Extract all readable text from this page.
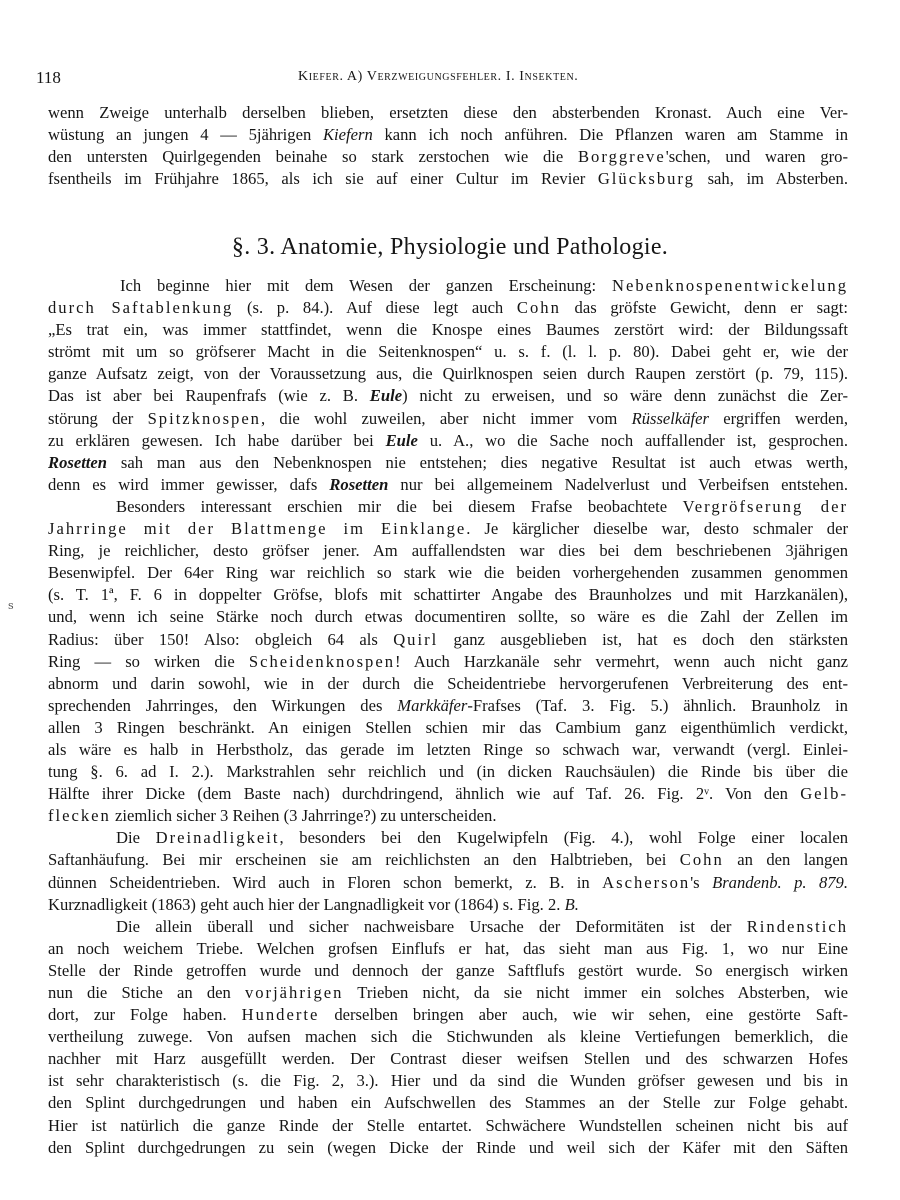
118	Kiefer. A) Verzweigungsfehler. I. Insekten.
wenn Zweige unterhalb derselben blieben, ersetzten diese den absterbenden Kronast. Auch eine Ver-
wüstung an jungen 4 — 5jährigen Kiefern kann ich noch anführen. Die Pflanzen waren am Stamme in
den untersten Quirlgegenden beinahe so stark zerstochen wie die Borggreve'schen, und waren gro-
fsentheils im Frühjahre 1865, als ich sie auf einer Cultur im Revier Glücksburg sah, im Absterben.
§. 3. Anatomie, Physiologie und Pathologie.
s
Ich beginne hier mit dem Wesen der ganzen Erscheinung: Nebenknospenentwickelung
durch Saftablenkung (s. p. 84.). Auf diese legt auch Cohn das gröfste Gewicht, denn er sagt:
„Es trat ein, was immer stattfindet, wenn die Knospe eines Baumes zerstört wird: der Bildungssaft
strömt mit um so gröfserer Macht in die Seitenknospen“ u. s. f. (l. l. p. 80). Dabei geht er, wie der
ganze Aufsatz zeigt, von der Voraussetzung aus, die Quirlknospen seien durch Raupen zerstört (p. 79, 115).
Das ist aber bei Raupenfrafs (wie z. B. Eule) nicht zu erweisen, und so wäre denn zunächst die Zer-
störung der Spitzknospen, die wohl zuweilen, aber nicht immer vom Rüsselkäfer ergriffen werden,
zu erklären gewesen. Ich habe darüber bei Eule u. A., wo die Sache noch auffallender ist, gesprochen.
Rosetten sah man aus den Nebenknospen nie entstehen; dies negative Resultat ist auch etwas werth,
denn es wird immer gewisser, dafs Rosetten nur bei allgemeinem Nadelverlust und Verbeifsen entstehen.
Besonders interessant erschien mir die bei diesem Frafse beobachtete Vergröfserung der
Jahrringe mit der Blattmenge im Einklange. Je kärglicher dieselbe war, desto schmaler der
Ring, je reichlicher, desto gröfser jener. Am auffallendsten war dies bei dem beschriebenen 3jährigen
Besenwipfel. Der 64er Ring war reichlich so stark wie die beiden vorhergehenden zusammen genommen
(s. T. 1ª, F. 6 in doppelter Gröfse, blofs mit schattirter Angabe des Braunholzes und mit Harzkanälen),
und, wenn ich seine Stärke noch durch etwas documentiren sollte, so wäre es die Zahl der Zellen im
Radius: über 150! Also: obgleich 64 als Quirl ganz ausgeblieben ist, hat es doch den stärksten
Ring — so wirken die Scheidenknospen! Auch Harzkanäle sehr vermehrt, wenn auch nicht ganz
abnorm und darin sowohl, wie in der durch die Scheidentriebe hervorgerufenen Verbreiterung des ent-
sprechenden Jahrringes, den Wirkungen des Markkäfer-Frafses (Taf. 3. Fig. 5.) ähnlich. Braunholz in
allen 3 Ringen beschränkt. An einigen Stellen schien mir das Cambium ganz eigenthümlich verdickt,
als wäre es halb in Herbstholz, das gerade im letzten Ringe so schwach war, verwandt (vergl. Einlei-
tung §. 6. ad I. 2.). Markstrahlen sehr reichlich und (in dicken Rauchsäulen) die Rinde bis über die
Hälfte ihrer Dicke (dem Baste nach) durchdringend, ähnlich wie auf Taf. 26. Fig. 2ᵛ. Von den Gelb-
flecken ziemlich sicher 3 Reihen (3 Jahrringe?) zu unterscheiden.
Die Dreinadligkeit, besonders bei den Kugelwipfeln (Fig. 4.), wohl Folge einer localen
Saftanhäufung. Bei mir erscheinen sie am reichlichsten an den Halbtrieben, bei Cohn an den langen
dünnen Scheidentrieben. Wird auch in Floren schon bemerkt, z. B. in Ascherson's Brandenb. p. 879.
Kurznadligkeit (1863) geht auch hier der Langnadligkeit vor (1864) s. Fig. 2. B.
Die allein überall und sicher nachweisbare Ursache der Deformitäten ist der Rindenstich
an noch weichem Triebe. Welchen grofsen Einflufs er hat, das sieht man aus Fig. 1, wo nur Eine
Stelle der Rinde getroffen wurde und dennoch der ganze Saftflufs gestört wurde. So energisch wirken
nun die Stiche an den vorjährigen Trieben nicht, da sie nicht immer ein solches Absterben, wie
dort, zur Folge haben. Hunderte derselben bringen aber auch, wie wir sehen, eine gestörte Saft-
vertheilung zuwege. Von aufsen machen sich die Stichwunden als kleine Vertiefungen bemerklich, die
nachher mit Harz ausgefüllt werden. Der Contrast dieser weifsen Stellen und des schwarzen Hofes
ist sehr charakteristisch (s. die Fig. 2, 3.). Hier und da sind die Wunden gröfser gewesen und bis in
den Splint durchgedrungen und haben ein Aufschwellen des Stammes an der Stelle zur Folge gehabt.
Hier ist natürlich die ganze Rinde der Stelle entartet. Schwächere Wundstellen scheinen nicht bis auf
den Splint durchgedrungen zu sein (wegen Dicke der Rinde und weil sich der Käfer mit den Säften
